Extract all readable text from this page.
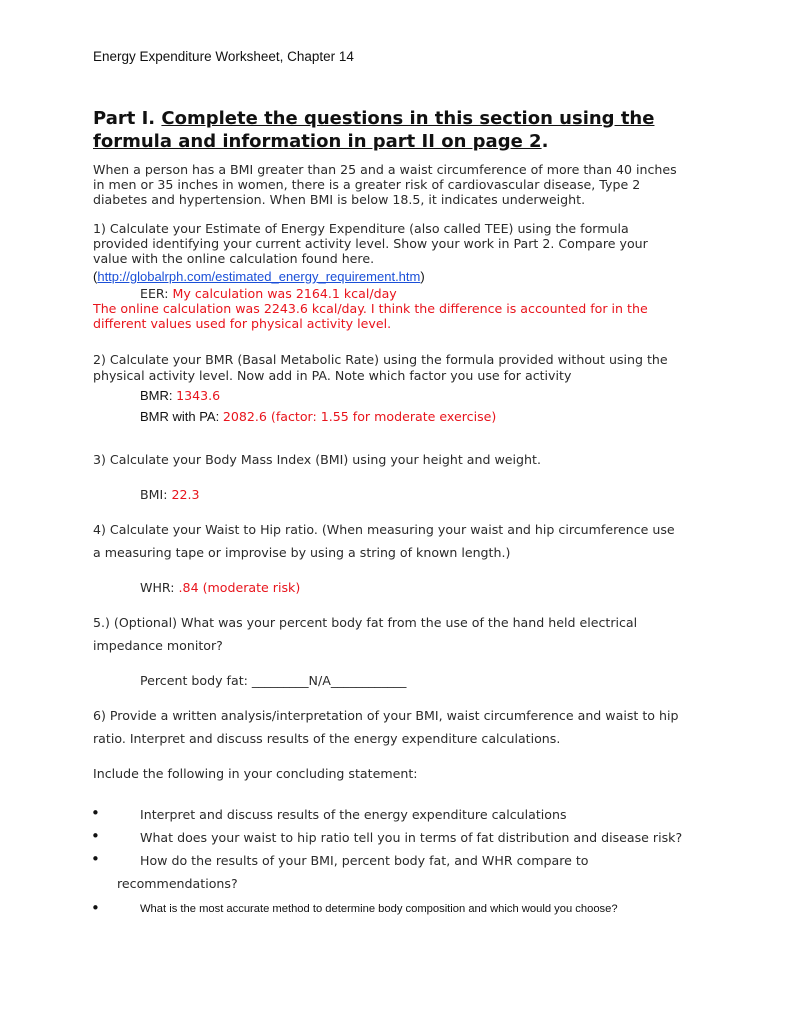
Energy Expenditure Worksheet, Chapter 14
Part I. Complete the questions in this section using the
formula and information in part II on page 2.
When a person has a BMI greater than 25 and a waist circumference of more than 40 inches
in men or 35 inches in women, there is a greater risk of cardiovascular disease, Type 2
diabetes and hypertension. When BMI is below 18.5, it indicates underweight.
1) Calculate your Estimate of Energy Expenditure (also called TEE) using the formula
provided identifying your current activity level. Show your work in Part 2. Compare your
value with the online calculation found here.
(http://globalrph.com/estimated_energy_requirement.htm)
EER: My calculation was 2164.1 kcal/day
The online calculation was 2243.6 kcal/day. I think the difference is accounted for in the
different values used for physical activity level.
2) Calculate your BMR (Basal Metabolic Rate) using the formula provided without using the
physical activity level. Now add in PA. Note which factor you use for activity
BMR: 1343.6
BMR with PA: 2082.6 (factor: 1.55 for moderate exercise)
3) Calculate your Body Mass Index (BMI) using your height and weight.
BMI: 22.3
4) Calculate your Waist to Hip ratio. (When measuring your waist and hip circumference use
a measuring tape or improvise by using a string of known length.)
WHR: .84 (moderate risk)
5.) (Optional) What was your percent body fat from the use of the hand held electrical
impedance monitor?
Percent body fat: _________N/A____________
6) Provide a written analysis/interpretation of your BMI, waist circumference and waist to hip
ratio. Interpret and discuss results of the energy expenditure calculations.
Include the following in your concluding statement:
•	Interpret and discuss results of the energy expenditure calculations
•	What does your waist to hip ratio tell you in terms of fat distribution and disease risk?
•	How do the results of your BMI, percent body fat, and WHR compare to
recommendations?
•	What is the most accurate method to determine body composition and which would you choose?
